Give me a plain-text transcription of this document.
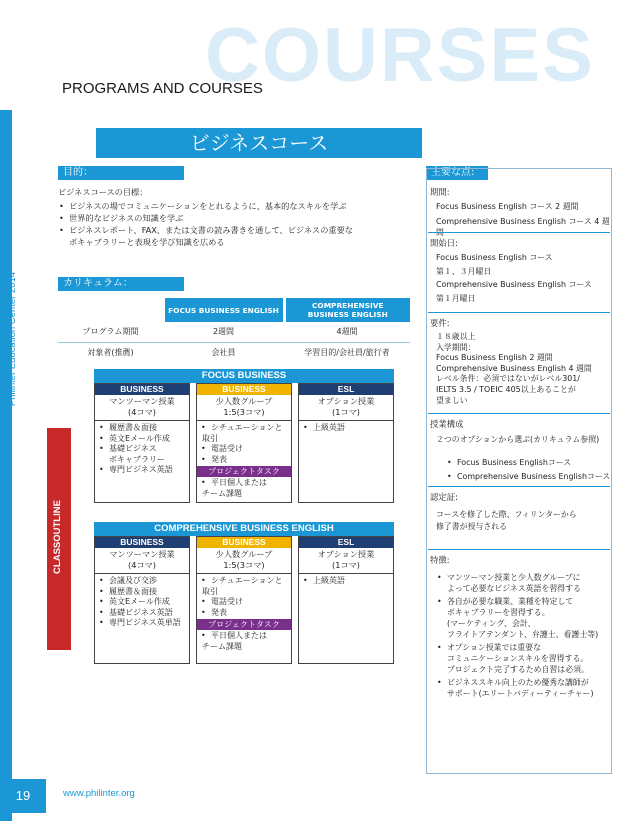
COURSES
PROGRAMS AND COURSES
Philinter Education Center 2014
CLASSOUTLINE
ビジネスコース
目的：
ビジネスコースの目標：
• ビジネスの場でコミュニケーションをとれるように、基本的なスキルを学ぶ
• 世界的なビジネスの知識を学ぶ
• ビジネスレポート、FAX、または文書の読み書きを通して、ビジネスの重要な
ボキャブラリーと表現を学び知識を広める
カリキュラム：
	FOCUS BUSINESS ENGLISH	COMPREHENSIVE
BUSINESS ENGLISH

プログラム期間	2週間	4週間
対象者(推薦)	会社員	学習目的/会社員/旅行者
FOCUS BUSINESS
BUSINESS
マンツーマン授業
(4コマ)
• 履歴書＆面接
• 英文Eメール作成
• 基礎ビジネス
ボキャブラリー
• 専門ビジネス英語
BUSINESS
少人数グループ
1:5(3コマ)
• シチュエーションと
取引
• 電話受け
• 発表
プロジェクトタスク
• 平日個人または
チーム課題
ESL
オプション授業
(1コマ)
• 上級英語
COMPREHENSIVE BUSINESS ENGLISH
BUSINESS
マンツーマン授業
(4コマ)
• 会議及び交渉
• 履歴書＆面接
• 英文Eメール作成
• 基礎ビジネス英語
• 専門ビジネス英単語
BUSINESS
少人数グループ
1:5(3コマ)
• シチュエーションと
取引
• 電話受け
• 発表
プロジェクトタスク
• 平日個人または
チーム課題
ESL
オプション授業
(1コマ)
• 上級英語
主要な点:
期間:
Focus Business English コース 2 週間
Comprehensive Business English コース 4 週
開始日:
Focus Business English コース
第１、３月曜日
Comprehensive Business English コース
第１月曜日
要件:
１８歳以上
入学期間：
Focus Business English 2 週間
Comprehensive Business English 4 週間
レベル条件：必須ではないがレベル301/
IELTS 3.5 / TOEIC 405以上あることが
望ましい
授業構成
２つのオプションから選ぶ(カリキュラム参照)
• Focus Business Englishコース
• Comprehensive Business Englishコース
認定証:
コースを修了した際、フィリンターから
修了書が授与される
特徴:
• マンツーマン授業と少人数グループに
よって必要なビジネス英語を習得する
• 各自が必要な職業、業種を特定して
ボキャブラリーを習得する。
(マーケティング、会計、
フライトアテンダント、弁護士、看護士等)
• オプション授業では重要な
コミュニケーションスキルを習得する。
プロジェクト完了するため自習は必須。
• ビジネススキル向上のため優秀な講師が
サポート(エリートバディーティーチャー)
19	www.philinter.org
